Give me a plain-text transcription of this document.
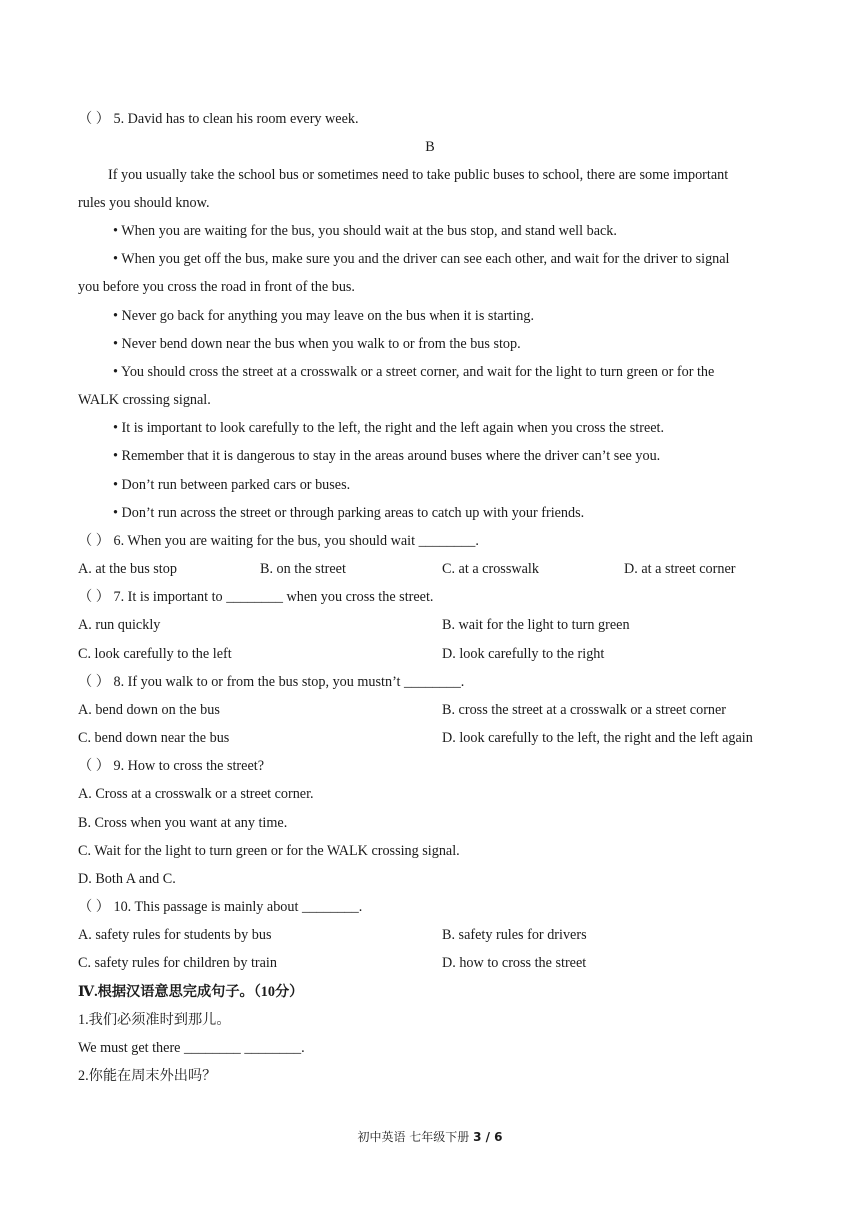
（ ） 5. David has to clean his room every week.
B
If you usually take the school bus or sometimes need to take public buses to school, there are some important
rules you should know.
• When you are waiting for the bus, you should wait at the bus stop, and stand well back.
• When you get off the bus, make sure you and the driver can see each other, and wait for the driver to signal
you before you cross the road in front of the bus.
• Never go back for anything you may leave on the bus when it is starting.
• Never bend down near the bus when you walk to or from the bus stop.
• You should cross the street at a crosswalk or a street corner, and wait for the light to turn green or for the
WALK crossing signal.
• It is important to look carefully to the left, the right and the left again when you cross the street.
• Remember that it is dangerous to stay in the areas around buses where the driver can’t see you.
• Don’t run between parked cars or buses.
• Don’t run across the street or through parking areas to catch up with your friends.
（ ） 6. When you are waiting for the bus, you should wait ________.
A. at the bus stop	B. on the street	C. at a crosswalk	D. at a street corner
（ ） 7. It is important to ________ when you cross the street.
A. run quickly	B. wait for the light to turn green
C. look carefully to the left	D. look carefully to the right
（ ） 8. If you walk to or from the bus stop, you mustn’t ________.
A. bend down on the bus	B. cross the street at a crosswalk or a street corner
C. bend down near the bus	D. look carefully to the left, the right and the left again
（ ） 9. How to cross the street?
A. Cross at a crosswalk or a street corner.
B. Cross when you want at any time.
C. Wait for the light to turn green or for the WALK crossing signal.
D. Both A and C.
（ ） 10. This passage is mainly about ________.
A. safety rules for students by bus	B. safety rules for drivers
C. safety rules for children by train	D. how to cross the street
Ⅳ.根据汉语意思完成句子。（10分）
1.我们必须准时到那儿。
We must get there ________ ________.
2.你能在周末外出吗？
初中英语 七年级下册 3 / 6
